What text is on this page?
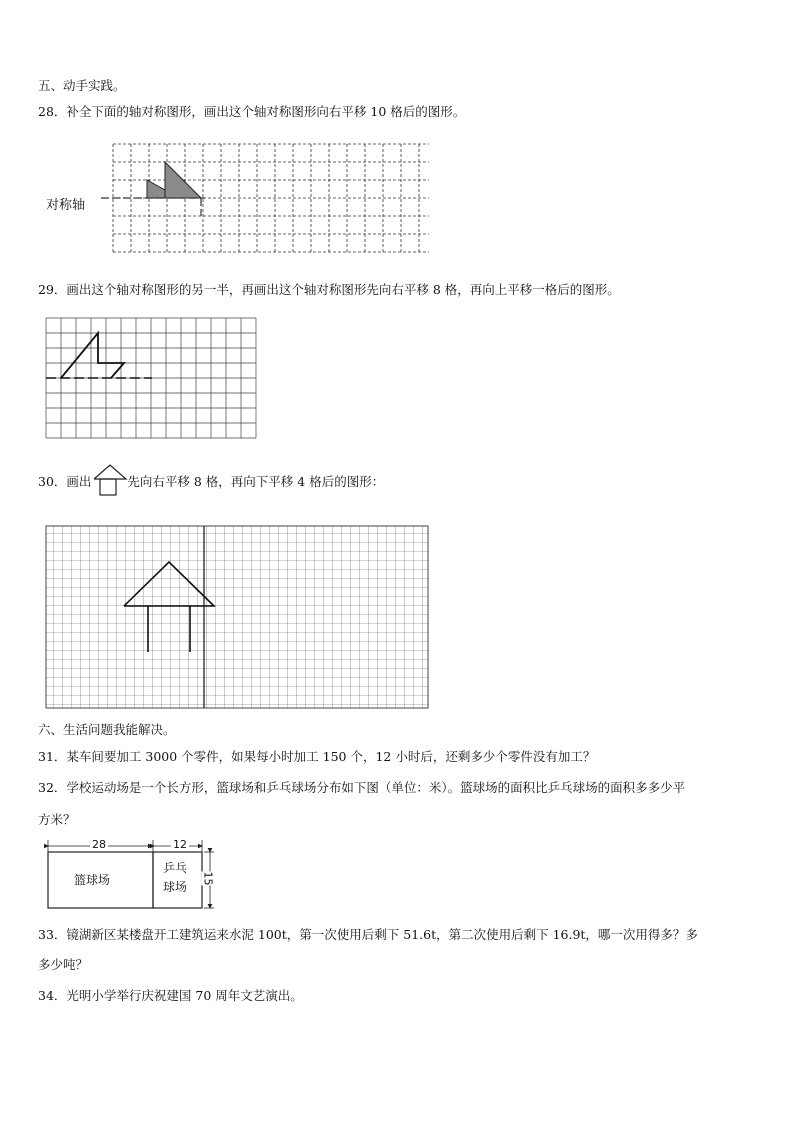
五、动手实践。
28．补全下面的轴对称图形，画出这个轴对称图形向右平移 10 格后的图形。
对称轴
29．画出这个轴对称图形的另一半，再画出这个轴对称图形先向右平移 8 格，再向上平移一格后的图形。
30．画出	先向右平移 8 格，再向下平移 4 格后的图形：
六、生活问题我能解决。
31．某车间要加工 3000 个零件，如果每小时加工 150 个，12 小时后，还剩多少个零件没有加工？
32．学校运动场是一个长方形，篮球场和乒乓球场分布如下图（单位：米）。篮球场的面积比乒乓球场的面积多多少平
方米？
28	12
15
篮球场
乒乓
球场
33．镜湖新区某楼盘开工建筑运来水泥 100t，第一次使用后剩下 51.6t，第二次使用后剩下 16.9t，哪一次用得多？多
多少吨？
34．光明小学举行庆祝建国 70 周年文艺演出。
